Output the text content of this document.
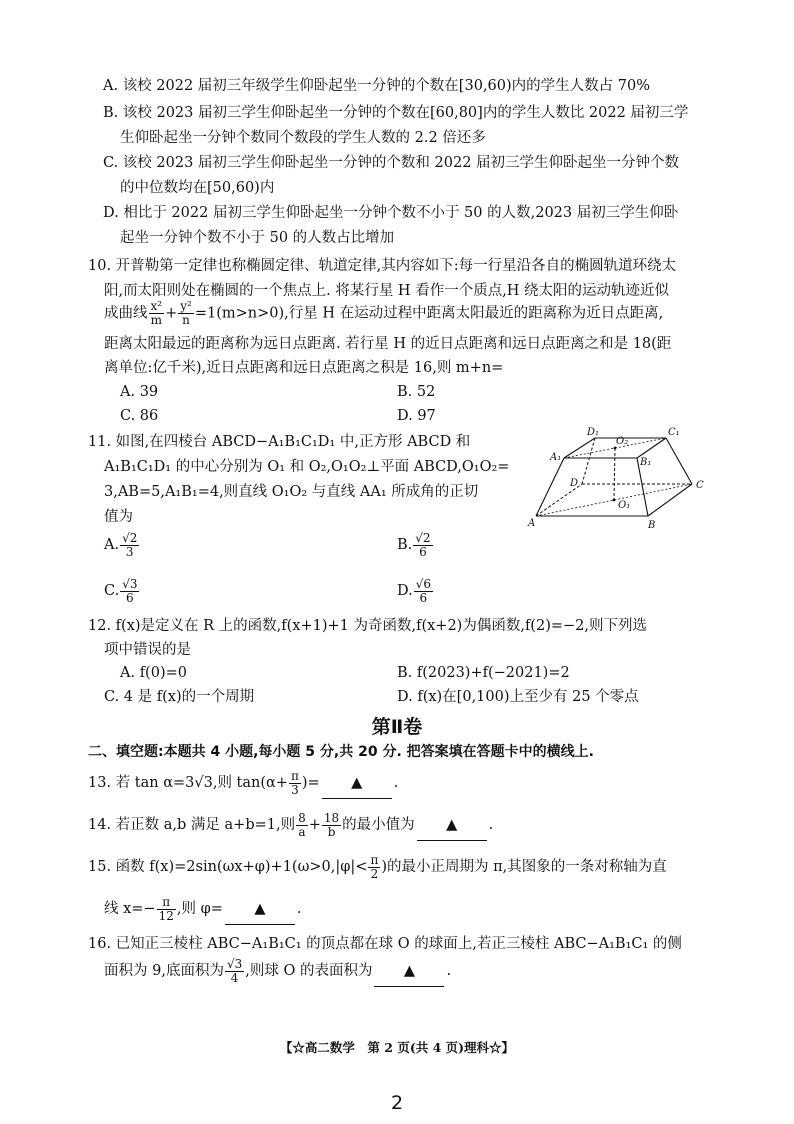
A. 该校 2022 届初三年级学生仰卧起坐一分钟的个数在[30,60)内的学生人数占 70%
B. 该校 2023 届初三学生仰卧起坐一分钟的个数在[60,80]内的学生人数比 2022 届初三学
生仰卧起坐一分钟个数同个数段的学生人数的 2.2 倍还多
C. 该校 2023 届初三学生仰卧起坐一分钟的个数和 2022 届初三学生仰卧起坐一分钟个数
的中位数均在[50,60)内
D. 相比于 2022 届初三学生仰卧起坐一分钟个数不小于 50 的人数,2023 届初三学生仰卧
起坐一分钟个数不小于 50 的人数占比增加
10. 开普勒第一定律也称椭圆定律、轨道定律,其内容如下:每一行星沿各自的椭圆轨道环绕太
阳,而太阳则处在椭圆的一个焦点上. 将某行星 H 看作一个质点,H 绕太阳的运动轨迹近似
成曲线 $\frac{\text{x²}}{m} + \frac{\text{y²}}{n} =1(m>n>0)$,行星 H 在运动过程中距离太阳最近的距离称为近日点距离,
距离太阳最远的距离称为远日点距离. 若行星 H 的近日点距离和远日点距离之和是 18(距
离单位:亿千米),近日点距离和远日点距离之积是 16,则 m+n=
A. 39	B. 52
C. 86	D. 97
11. 如图,在四棱台 ABCD−A₁B₁C₁D₁ 中,正方形 ABCD 和
A₁B₁C₁D₁ 的中心分别为 O₁ 和 O₂,O₁O₂⊥平面 ABCD,O₁O₂=
3,AB=5,A₁B₁=4,则直线 O₁O₂ 与直线 AA₁ 所成角的正切
值为
A. $\frac{√2}{3}$	B. $\frac{√2}{6}$
C. $\frac{√3}{6}$	D. $\frac{√6}{6}$
D₁
O₂
C₁
A₁	B₁
D	C
O₁
A	B
12. f(x)是定义在 R 上的函数,f(x+1)+1 为奇函数,f(x+2)为偶函数,f(2)=−2,则下列选
项中错误的是
A. f(0)=0	B. f(2023)+f(−2021)=2
C. 4 是 f(x)的一个周期	D. f(x)在[0,100)上至少有 25 个零点
第Ⅱ卷
二、填空题:本题共 4 小题,每小题 5 分,共 20 分. 把答案填在答题卡中的横线上.
13. 若 tan α=3√3,则 $\tan(\alpha+ \frac{\pi}{3}$ )= ▲ .
14. 若正数 a,b 满足 a+b=1,则 $\frac{8}{a} + \frac{18}{b}$ 的最小值为 ▲ .
15. 函数 $f(x)=2\sin(\omega x+\varphi)+1(\omega>0,|\varphi|< \frac{\pi}{2}$ )的最小正周期为 π,其图象的一条对称轴为直
线 $x=- \frac{\pi}{12}$ ,则 φ= ▲ .
16. 已知正三棱柱 ABC−A₁B₁C₁ 的顶点都在球 O 的球面上,若正三棱柱 ABC−A₁B₁C₁ 的侧
面积为 9,底面积为 $\frac{√3}{4}$ ,则球 O 的表面积为 ▲ .
【☆高二数学　第 2 页(共 4 页)理科☆】
2
